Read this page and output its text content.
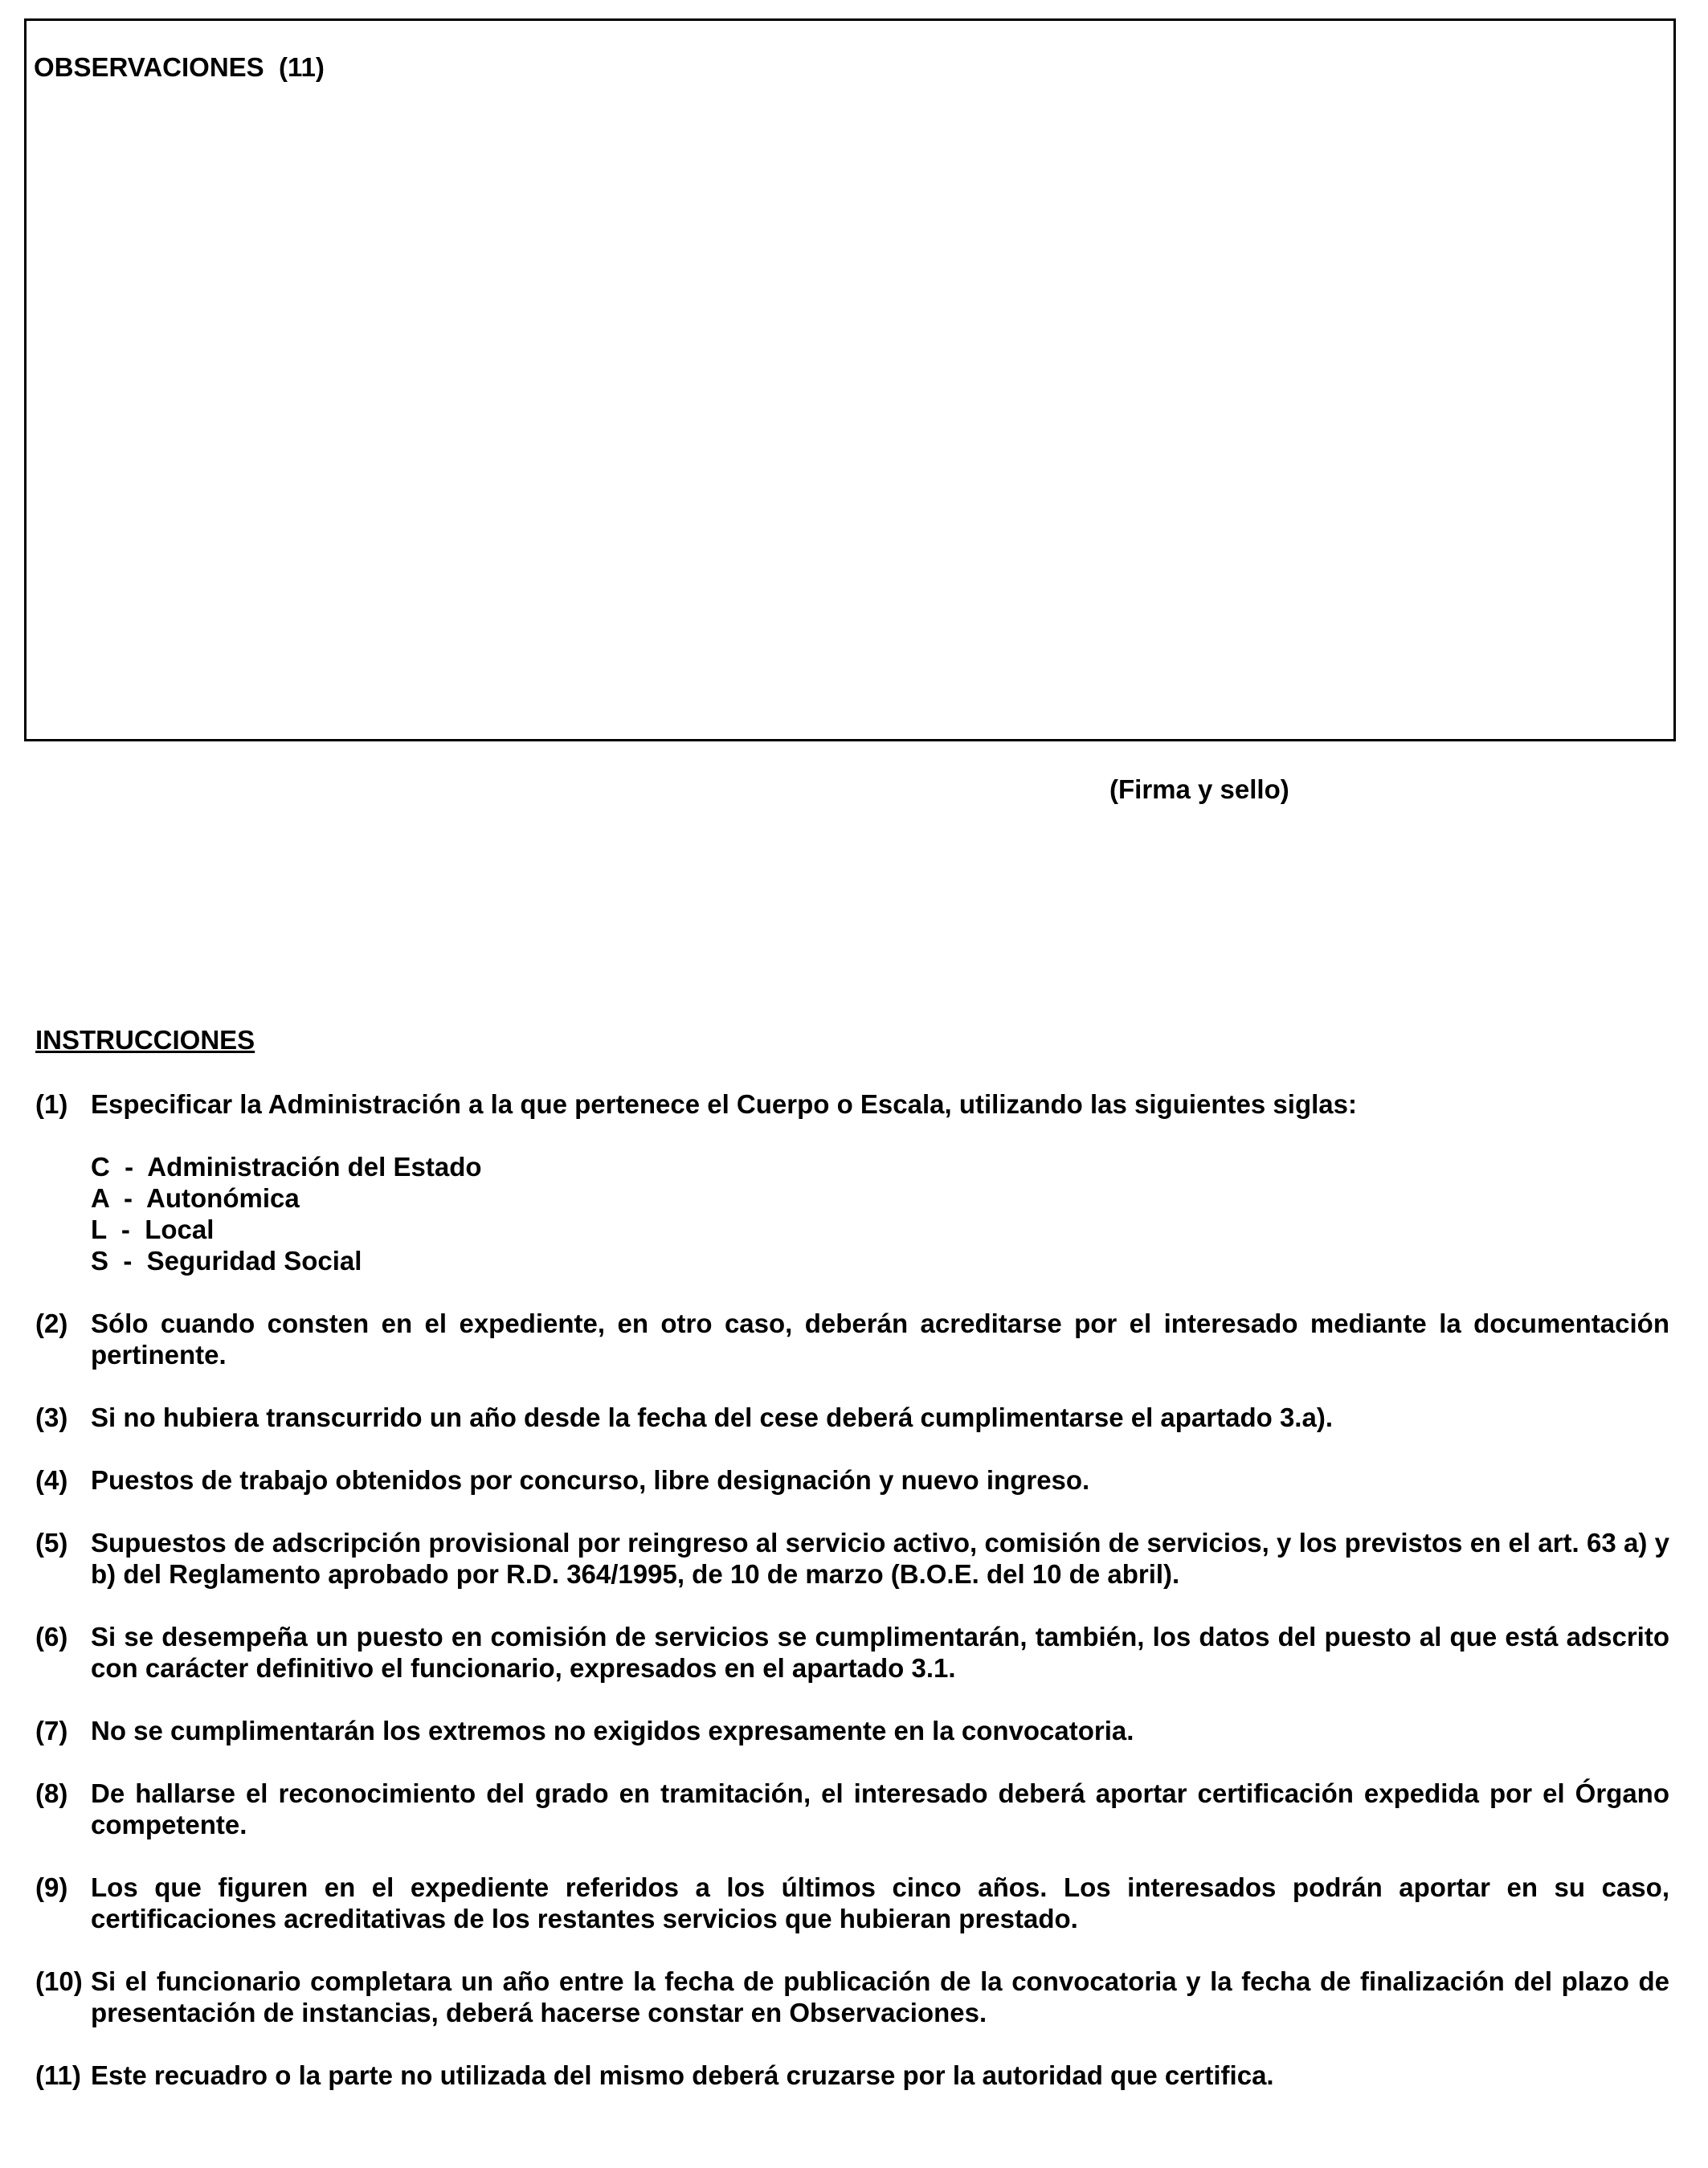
OBSERVACIONES  (11)
(Firma y sello)
INSTRUCCIONES
(1) Especificar la Administración a la que pertenece el Cuerpo o Escala, utilizando las siguientes siglas:
C  -  Administración del Estado
A  -  Autonómica
L  -  Local
S  -  Seguridad Social
(2) Sólo cuando consten en el expediente, en otro caso, deberán acreditarse por el interesado mediante la documentación pertinente.
(3) Si no hubiera transcurrido un año desde la fecha del cese deberá cumplimentarse el apartado 3.a).
(4) Puestos de trabajo obtenidos por concurso, libre designación y nuevo ingreso.
(5) Supuestos de adscripción provisional por reingreso al servicio activo, comisión de servicios, y los previstos en el art. 63 a) y b) del Reglamento aprobado por R.D. 364/1995, de 10 de marzo (B.O.E. del 10 de abril).
(6) Si se desempeña un puesto en comisión de servicios se cumplimentarán, también, los datos del puesto al que está adscrito con carácter definitivo el funcionario, expresados en el apartado 3.1.
(7) No se cumplimentarán los extremos no exigidos expresamente en la convocatoria.
(8) De hallarse el reconocimiento del grado en tramitación, el interesado deberá aportar certificación expedida por el Órgano competente.
(9) Los que figuren en el expediente referidos a los últimos cinco años. Los interesados podrán aportar en su caso, certificaciones acreditativas de los restantes servicios que hubieran prestado.
(10) Si el funcionario completara un año entre la fecha de publicación de la convocatoria y la fecha de finalización del plazo de presentación de instancias, deberá hacerse constar en Observaciones.
(11) Este recuadro o la parte no utilizada del mismo deberá cruzarse por la autoridad que certifica.
